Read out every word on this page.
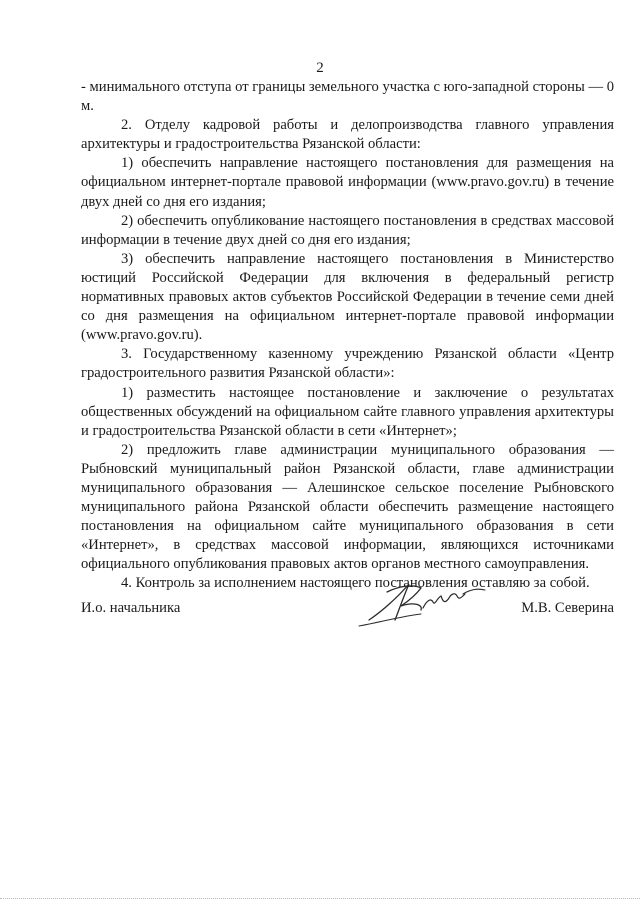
2

- минимального отступа от границы земельного участка с юго-западной стороны — 0 м.

2. Отделу кадровой работы и делопроизводства главного управления архитектуры и градостроительства Рязанской области:

1) обеспечить направление настоящего постановления для размещения на официальном интернет-портале правовой информации (www.pravo.gov.ru) в течение двух дней со дня его издания;

2) обеспечить опубликование настоящего постановления в средствах массовой информации в течение двух дней со дня его издания;

3) обеспечить направление настоящего постановления в Министерство юстиций Российской Федерации для включения в федеральный регистр нормативных правовых актов субъектов Российской Федерации в течение семи дней со дня размещения на официальном интернет-портале правовой информации (www.pravo.gov.ru).

3. Государственному казенному учреждению Рязанской области «Центр градостроительного развития Рязанской области»:

1) разместить настоящее постановление и заключение о результатах общественных обсуждений на официальном сайте главного управления архитектуры и градостроительства Рязанской области в сети «Интернет»;

2) предложить главе администрации муниципального образования — Рыбновский муниципальный район Рязанской области, главе администрации муниципального образования — Алешинское сельское поселение Рыбновского муниципального района Рязанской области обеспечить размещение настоящего постановления на официальном сайте муниципального образования в сети «Интернет», в средствах массовой информации, являющихся источниками официального опубликования правовых актов органов местного самоуправления.

4. Контроль за исполнением настоящего постановления оставляю за собой.

И.о. начальника	М.В. Северина
